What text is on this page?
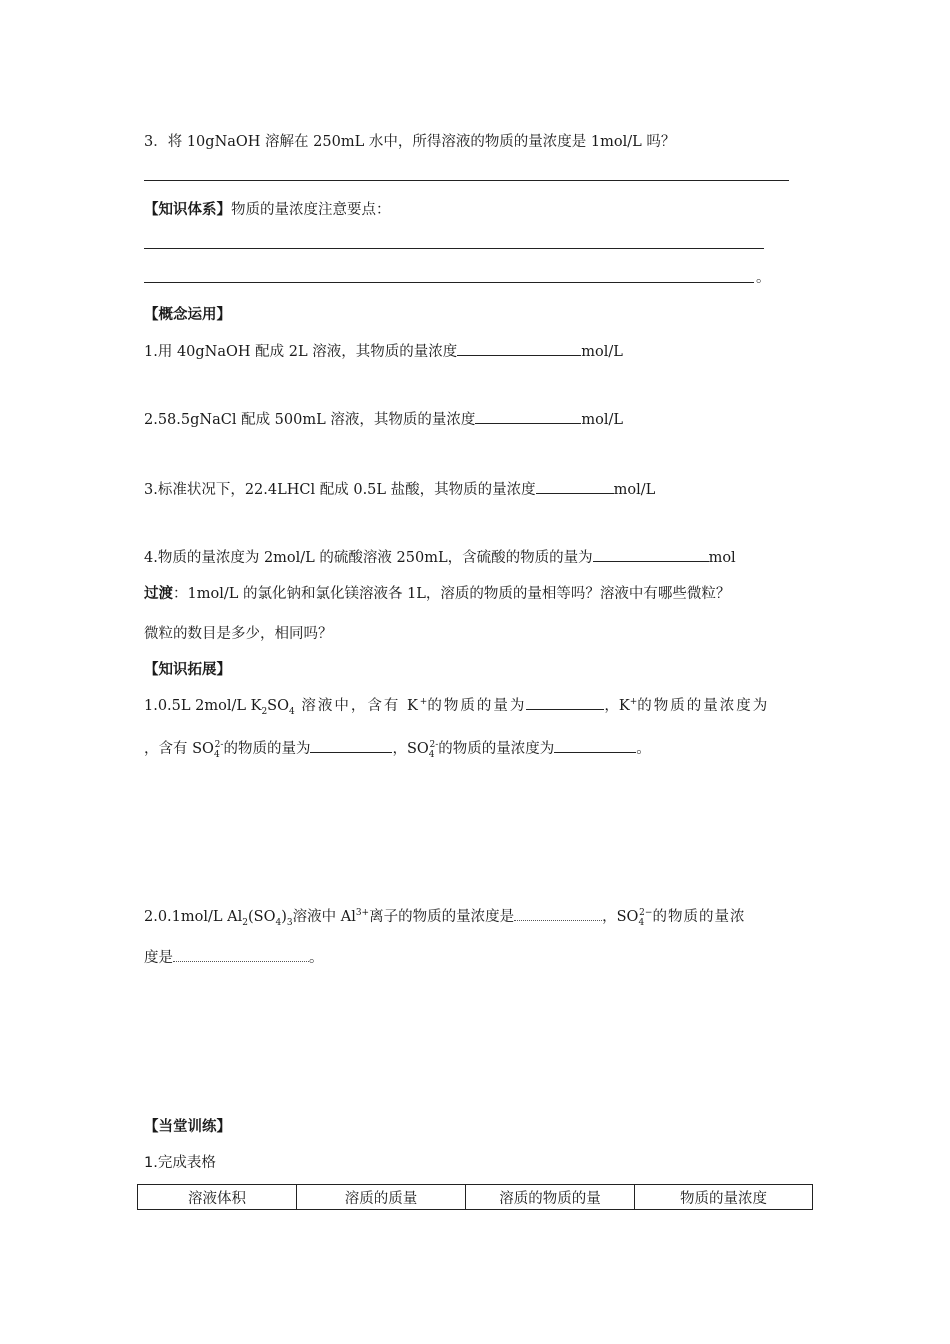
3．将 10gNaOH 溶解在 250mL 水中，所得溶液的物质的量浓度是 1mol/L 吗？
【知识体系】物质的量浓度注意要点：
。
【概念运用】
1.用 40gNaOH 配成 2L 溶液，其物质的量浓度	mol/L
2.58.5gNaCl 配成 500mL 溶液，其物质的量浓度	mol/L
3.标准状况下，22.4LHCl 配成 0.5L 盐酸，其物质的量浓度	mol/L
4.物质的量浓度为 2mol/L 的硫酸溶液 250mL，含硫酸的物质的量为	mol
过渡：1mol/L 的氯化钠和氯化镁溶液各 1L，溶质的物质的量相等吗？溶液中有哪些微粒？
微粒的数目是多少，相同吗？
【知识拓展】
1.0.5L 2mol/L $K_2SO_4$ 溶液中，含有 K+的物质的量为	，K+的物质的量浓度为
，含有 $SO_4^{2-}$的物质的量为	，$SO_4^{2-}$的物质的量浓度为	。
2.0.1mol/L $Al_2(SO_4)_3$溶液中 $Al^{3+}$离子的物质的量浓度是	，$SO_4^{2-}$的物质的量浓
度是	。
【当堂训练】
1.完成表格
溶液体积	溶质的质量	溶质的物质的量	物质的量浓度
